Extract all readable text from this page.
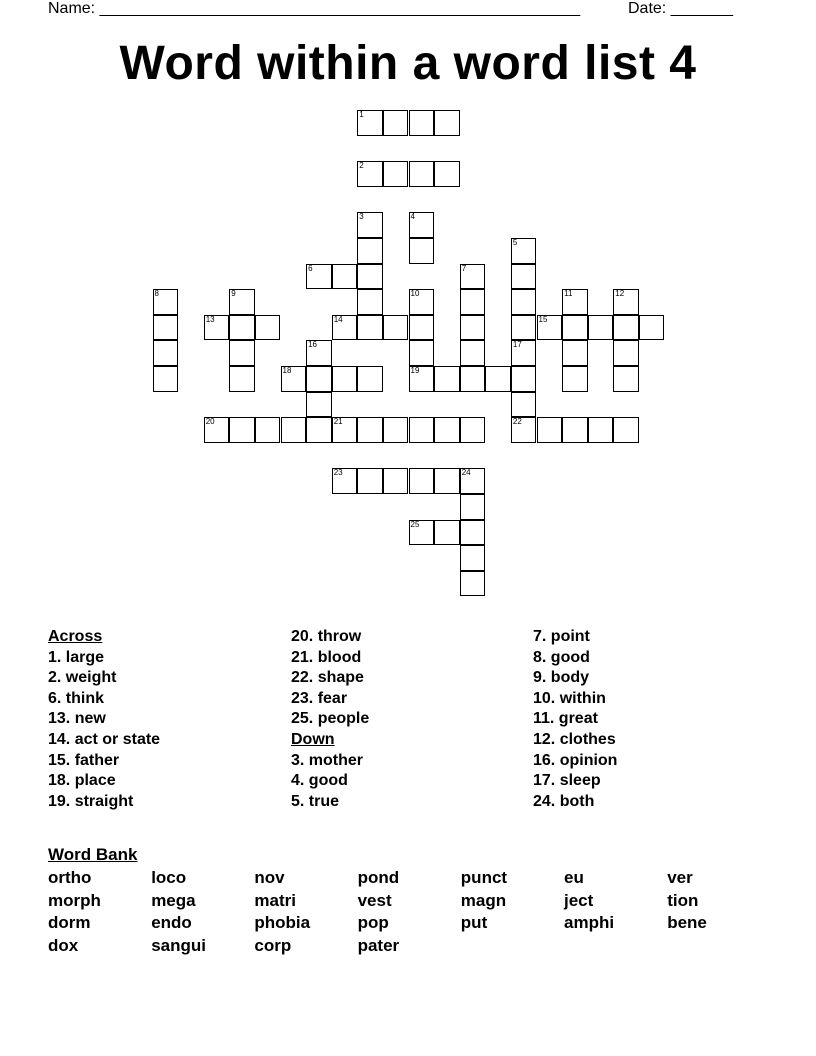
Name: ______________________________________________________	Date: _______
Word within a word list 4
1
2
3	4
5
6	7
8	9	10
19
11	12
13	14	15
16	17
22
18
20	21
23	24
25
Across
1. large
2. weight
6. think
13. new
14. act or state
15. father
18. place
19. straight
20. throw
21. blood
22. shape
23. fear
25. people
Down
3. mother
4. good
5. true
7. point
8. good
9. body
10. within
11. great
12. clothes
16. opinion
17. sleep
24. both
Word Bank
ortho	loco	nov	pond	punct	eu	ver
morph	mega	matri	vest	magn	ject	tion
dorm	endo	phobia	pop	put	amphi	bene
dox	sangui	corp	pater
